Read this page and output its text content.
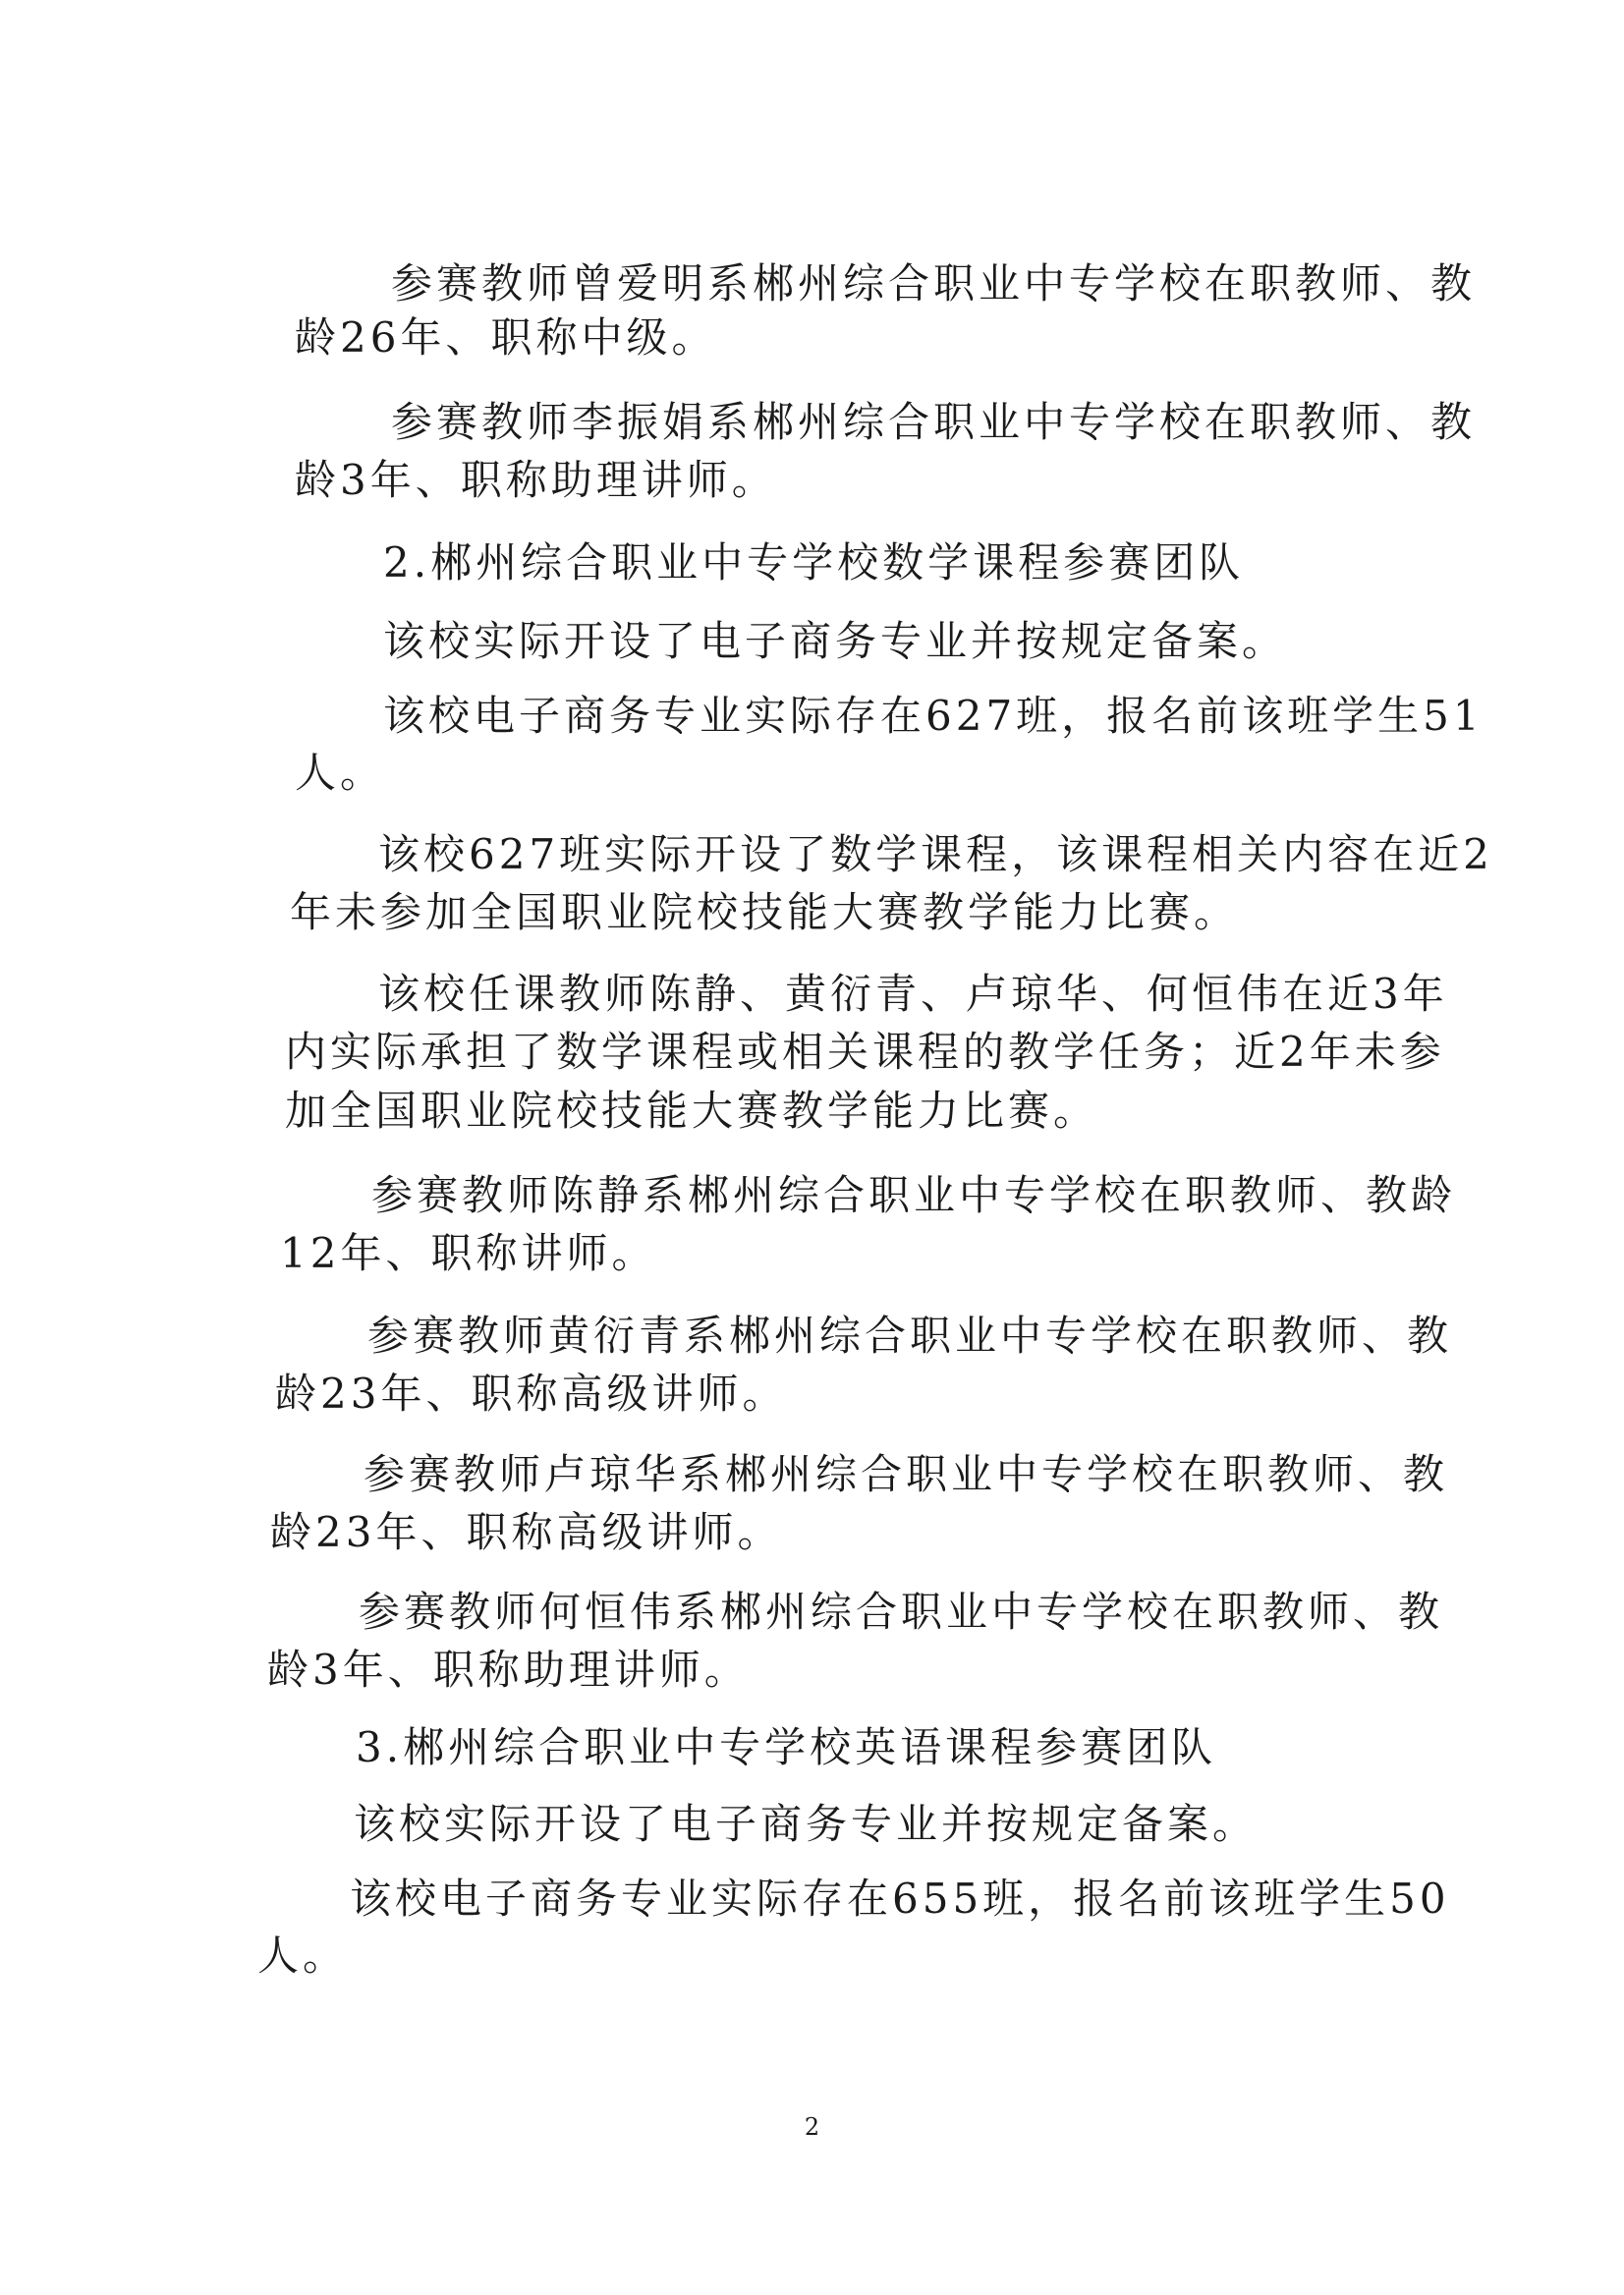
参赛教师曾爱明系郴州综合职业中专学校在职教师、教
龄26年、职称中级。
参赛教师李振娟系郴州综合职业中专学校在职教师、教
龄3年、职称助理讲师。
2.郴州综合职业中专学校数学课程参赛团队
该校实际开设了电子商务专业并按规定备案。
该校电子商务专业实际存在627班，报名前该班学生51
人。
该校627班实际开设了数学课程，该课程相关内容在近2
年未参加全国职业院校技能大赛教学能力比赛。
该校任课教师陈静、黄衍青、卢琼华、何恒伟在近3年
内实际承担了数学课程或相关课程的教学任务；近2年未参
加全国职业院校技能大赛教学能力比赛。
参赛教师陈静系郴州综合职业中专学校在职教师、教龄
12年、职称讲师。
参赛教师黄衍青系郴州综合职业中专学校在职教师、教
龄23年、职称高级讲师。
参赛教师卢琼华系郴州综合职业中专学校在职教师、教
龄23年、职称高级讲师。
参赛教师何恒伟系郴州综合职业中专学校在职教师、教
龄3年、职称助理讲师。
3.郴州综合职业中专学校英语课程参赛团队
该校实际开设了电子商务专业并按规定备案。
该校电子商务专业实际存在655班，报名前该班学生50
人。
2
